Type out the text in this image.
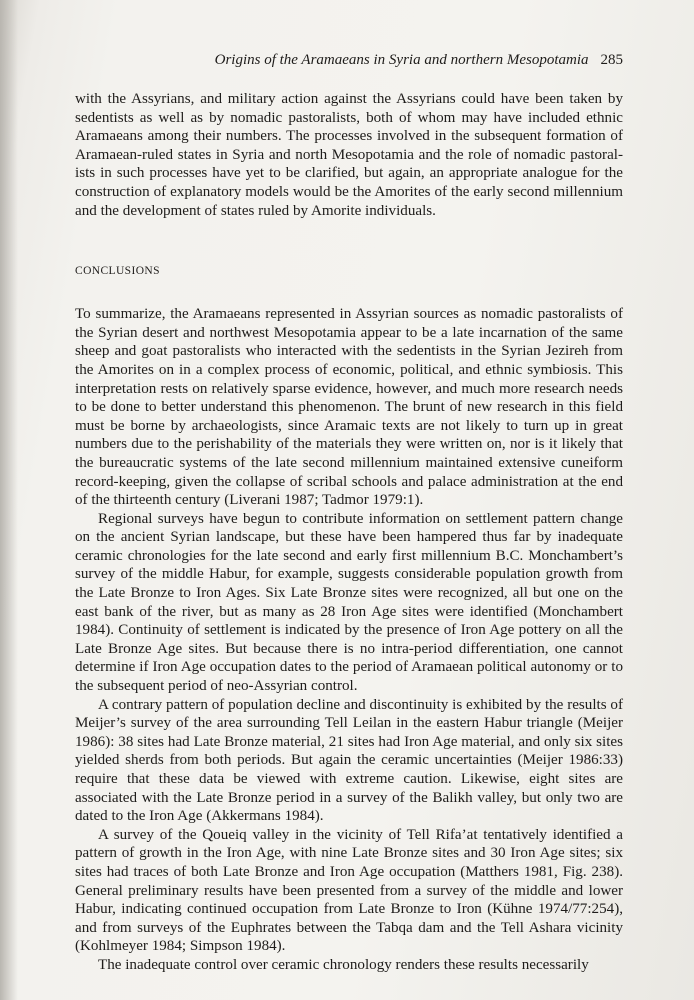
Origins of the Aramaeans in Syria and northern Mesopotamia 285

with the Assyrians, and military action against the Assyrians could have been taken by sedentists as well as by nomadic pastoralists, both of whom may have included ethnic Aramaeans among their numbers. The processes involved in the subsequent formation of Aramaean-ruled states in Syria and north Mesopotamia and the role of nomadic pastoralists in such processes have yet to be clarified, but again, an appropriate analogue for the construction of explanatory models would be the Amorites of the early second millennium and the development of states ruled by Amorite individuals.

CONCLUSIONS

To summarize, the Aramaeans represented in Assyrian sources as nomadic pastoralists of the Syrian desert and northwest Mesopotamia appear to be a late incarnation of the same sheep and goat pastoralists who interacted with the sedentists in the Syrian Jezireh from the Amorites on in a complex process of economic, political, and ethnic symbiosis. This interpretation rests on relatively sparse evidence, however, and much more research needs to be done to better understand this phenomenon. The brunt of new research in this field must be borne by archaeologists, since Aramaic texts are not likely to turn up in great numbers due to the perishability of the materials they were written on, nor is it likely that the bureaucratic systems of the late second millennium maintained extensive cuneiform record-keeping, given the collapse of scribal schools and palace administration at the end of the thirteenth century (Liverani 1987; Tadmor 1979:1).

Regional surveys have begun to contribute information on settlement pattern change on the ancient Syrian landscape, but these have been hampered thus far by inadequate ceramic chronologies for the late second and early first millennium B.C. Monchambert’s survey of the middle Habur, for example, suggests considerable population growth from the Late Bronze to Iron Ages. Six Late Bronze sites were recognized, all but one on the east bank of the river, but as many as 28 Iron Age sites were identified (Monchambert 1984). Continuity of settlement is indicated by the presence of Iron Age pottery on all the Late Bronze Age sites. But because there is no intra-period differentiation, one cannot determine if Iron Age occupation dates to the period of Aramaean political autonomy or to the subsequent period of neo-Assyrian control.

A contrary pattern of population decline and discontinuity is exhibited by the results of Meijer’s survey of the area surrounding Tell Leilan in the eastern Habur triangle (Meijer 1986): 38 sites had Late Bronze material, 21 sites had Iron Age material, and only six sites yielded sherds from both periods. But again the ceramic uncertainties (Meijer 1986:33) require that these data be viewed with extreme caution. Likewise, eight sites are associated with the Late Bronze period in a survey of the Balikh valley, but only two are dated to the Iron Age (Akkermans 1984).

A survey of the Qoueiq valley in the vicinity of Tell Rifa’at tentatively identified a pattern of growth in the Iron Age, with nine Late Bronze sites and 30 Iron Age sites; six sites had traces of both Late Bronze and Iron Age occupation (Matthers 1981, Fig. 238). General preliminary results have been presented from a survey of the middle and lower Habur, indicating continued occupation from Late Bronze to Iron (Kühne 1974/77:254), and from surveys of the Euphrates between the Tabqa dam and the Tell Ashara vicinity (Kohlmeyer 1984; Simpson 1984).

The inadequate control over ceramic chronology renders these results necessarily
